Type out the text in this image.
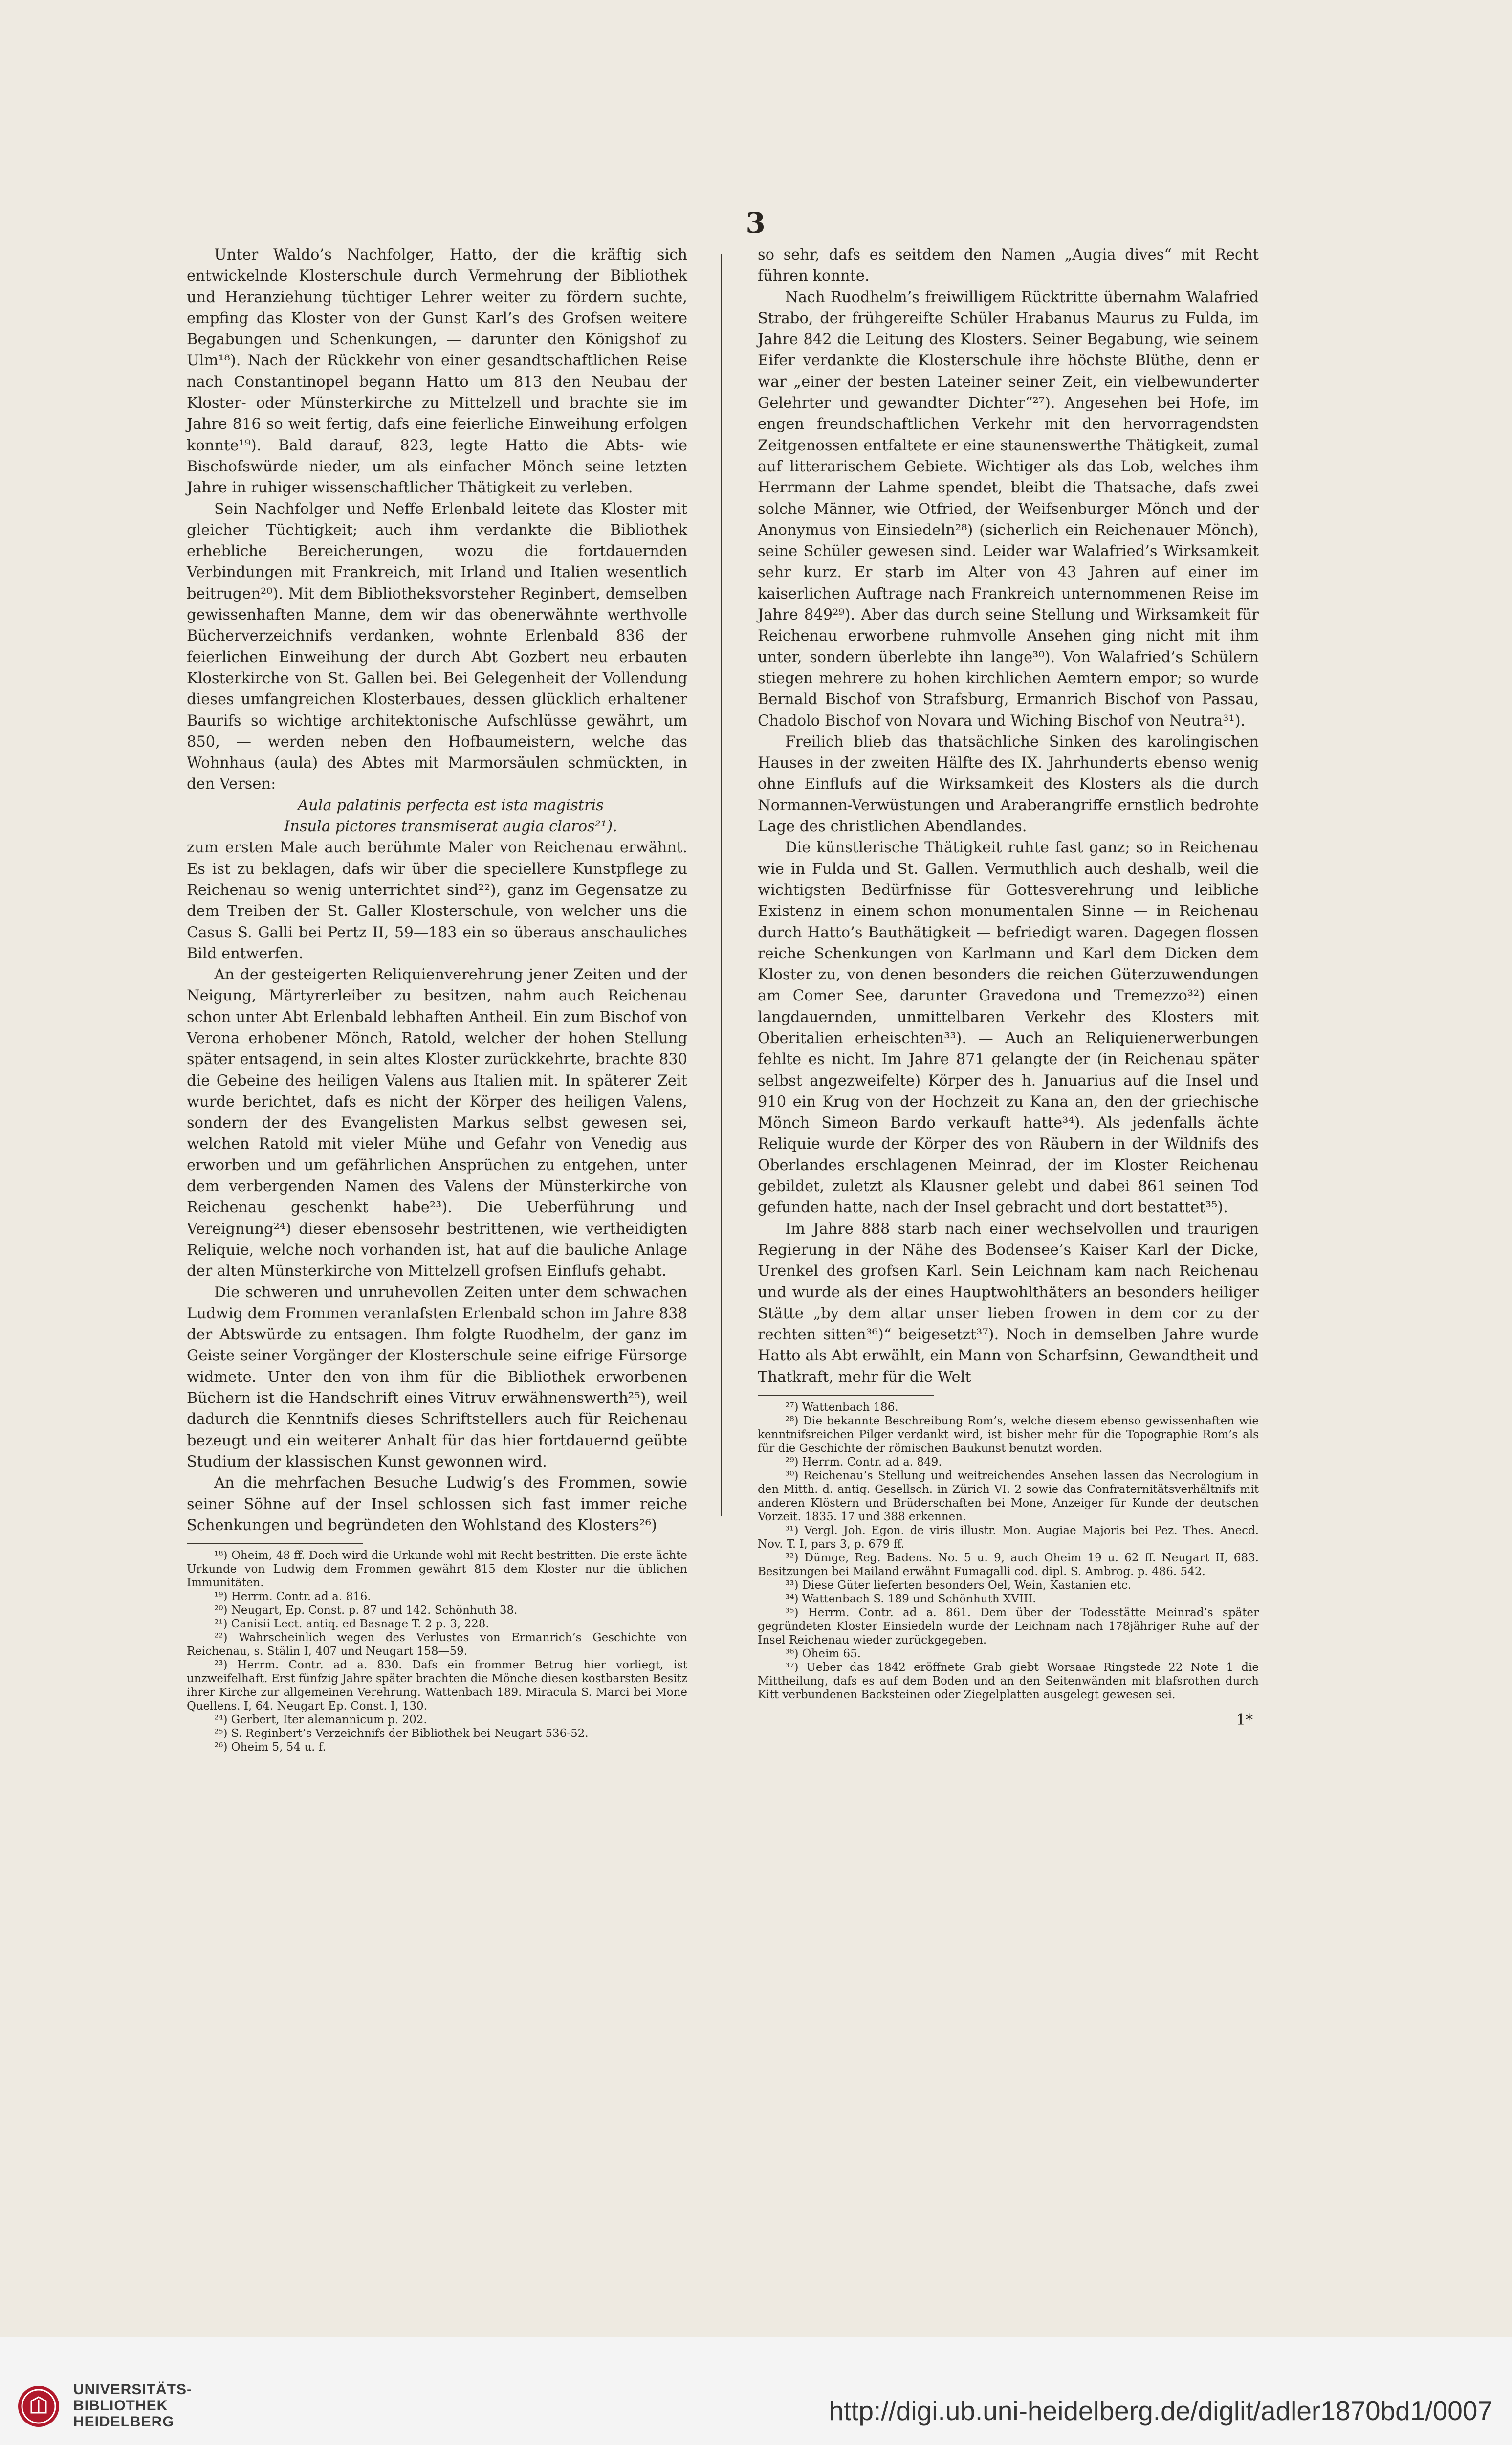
3

Unter Waldo’s Nachfolger, Hatto, der die kräftig sich entwickelnde Klosterschule durch Vermehrung der Bibliothek und Heranziehung tüchtiger Lehrer weiter zu fördern suchte, empfing das Kloster von der Gunst Karl’s des Grofsen weitere Begabungen und Schenkungen, — darunter den Königshof zu Ulm¹⁸). Nach der Rückkehr von einer gesandtschaftlichen Reise nach Constantinopel begann Hatto um 813 den Neubau der Kloster- oder Münsterkirche zu Mittelzell und brachte sie im Jahre 816 so weit fertig, dafs eine feierliche Einweihung erfolgen konnte¹⁹). Bald darauf, 823, legte Hatto die Abts- wie Bischofswürde nieder, um als einfacher Mönch seine letzten Jahre in ruhiger wissenschaftlicher Thätigkeit zu verleben.

Sein Nachfolger und Neffe Erlenbald leitete das Kloster mit gleicher Tüchtigkeit; auch ihm verdankte die Bibliothek erhebliche Bereicherungen, wozu die fortdauernden Verbindungen mit Frankreich, mit Irland und Italien wesentlich beitrugen²⁰). Mit dem Bibliotheksvorsteher Reginbert, demselben gewissenhaften Manne, dem wir das obenerwähnte werthvolle Bücherverzeichnifs verdanken, wohnte Erlenbald 836 der feierlichen Einweihung der durch Abt Gozbert neu erbauten Klosterkirche von St. Gallen bei. Bei Gelegenheit der Vollendung dieses umfangreichen Klosterbaues, dessen glücklich erhaltener Baurifs so wichtige architektonische Aufschlüsse gewährt, um 850, — werden neben den Hofbaumeistern, welche das Wohnhaus (aula) des Abtes mit Marmorsäulen schmückten, in den Versen:

Aula palatinis perfecta est ista magistris

Insula pictores transmiserat augia claros²¹).

zum ersten Male auch berühmte Maler von Reichenau erwähnt. Es ist zu beklagen, dafs wir über die speciellere Kunstpflege zu Reichenau so wenig unterrichtet sind²²), ganz im Gegensatze zu dem Treiben der St. Galler Klosterschule, von welcher uns die Casus S. Galli bei Pertz II, 59—183 ein so überaus anschauliches Bild entwerfen.

An der gesteigerten Reliquienverehrung jener Zeiten und der Neigung, Märtyrerleiber zu besitzen, nahm auch Reichenau schon unter Abt Erlenbald lebhaften Antheil. Ein zum Bischof von Verona erhobener Mönch, Ratold, welcher der hohen Stellung später entsagend, in sein altes Kloster zurückkehrte, brachte 830 die Gebeine des heiligen Valens aus Italien mit. In späterer Zeit wurde berichtet, dafs es nicht der Körper des heiligen Valens, sondern der des Evangelisten Markus selbst gewesen sei, welchen Ratold mit vieler Mühe und Gefahr von Venedig aus erworben und um gefährlichen Ansprüchen zu entgehen, unter dem verbergenden Namen des Valens der Münsterkirche von Reichenau geschenkt habe²³). Die Ueberführung und Vereignung²⁴) dieser ebensosehr bestrittenen, wie vertheidigten Reliquie, welche noch vorhanden ist, hat auf die bauliche Anlage der alten Münsterkirche von Mittelzell grofsen Einflufs gehabt.

Die schweren und unruhevollen Zeiten unter dem schwachen Ludwig dem Frommen veranlafsten Erlenbald schon im Jahre 838 der Abtswürde zu entsagen. Ihm folgte Ruodhelm, der ganz im Geiste seiner Vorgänger der Klosterschule seine eifrige Fürsorge widmete. Unter den von ihm für die Bibliothek erworbenen Büchern ist die Handschrift eines Vitruv erwähnenswerth²⁵), weil dadurch die Kenntnifs dieses Schriftstellers auch für Reichenau bezeugt und ein weiterer Anhalt für das hier fortdauernd geübte Studium der klassischen Kunst gewonnen wird.

An die mehrfachen Besuche Ludwig’s des Frommen, sowie seiner Söhne auf der Insel schlossen sich fast immer reiche Schenkungen und begründeten den Wohlstand des Klosters²⁶)

¹⁸) Oheim, 48 ff. Doch wird die Urkunde wohl mit Recht bestritten. Die erste ächte Urkunde von Ludwig dem Frommen gewährt 815 dem Kloster nur die üblichen Immunitäten.

¹⁹) Herrm. Contr. ad a. 816.

²⁰) Neugart, Ep. Const. p. 87 und 142. Schönhuth 38.

²¹) Canisii Lect. antiq. ed Basnage T. 2 p. 3, 228.

²²) Wahrscheinlich wegen des Verlustes von Ermanrich’s Geschichte von Reichenau, s. Stälin I, 407 und Neugart 158—59.

²³) Herrm. Contr. ad a. 830. Dafs ein frommer Betrug hier vorliegt, ist unzweifelhaft. Erst fünfzig Jahre später brachten die Mönche diesen kostbarsten Besitz ihrer Kirche zur allgemeinen Verehrung. Wattenbach 189. Miracula S. Marci bei Mone Quellens. I, 64. Neugart Ep. Const. I, 130.

²⁴) Gerbert, Iter alemannicum p. 202.

²⁵) S. Reginbert’s Verzeichnifs der Bibliothek bei Neugart 536-52.

²⁶) Oheim 5, 54 u. f.

so sehr, dafs es seitdem den Namen „Augia dives“ mit Recht führen konnte.

Nach Ruodhelm’s freiwilligem Rücktritte übernahm Walafried Strabo, der frühgereifte Schüler Hrabanus Maurus zu Fulda, im Jahre 842 die Leitung des Klosters. Seiner Begabung, wie seinem Eifer verdankte die Klosterschule ihre höchste Blüthe, denn er war „einer der besten Lateiner seiner Zeit, ein vielbewunderter Gelehrter und gewandter Dichter“²⁷). Angesehen bei Hofe, im engen freundschaftlichen Verkehr mit den hervorragendsten Zeitgenossen entfaltete er eine staunenswerthe Thätigkeit, zumal auf litterarischem Gebiete. Wichtiger als das Lob, welches ihm Herrmann der Lahme spendet, bleibt die Thatsache, dafs zwei solche Männer, wie Otfried, der Weifsenburger Mönch und der Anonymus von Einsiedeln²⁸) (sicherlich ein Reichenauer Mönch), seine Schüler gewesen sind. Leider war Walafried’s Wirksamkeit sehr kurz. Er starb im Alter von 43 Jahren auf einer im kaiserlichen Auftrage nach Frankreich unternommenen Reise im Jahre 849²⁹). Aber das durch seine Stellung und Wirksamkeit für Reichenau erworbene ruhmvolle Ansehen ging nicht mit ihm unter, sondern überlebte ihn lange³⁰). Von Walafried’s Schülern stiegen mehrere zu hohen kirchlichen Aemtern empor; so wurde Bernald Bischof von Strafsburg, Ermanrich Bischof von Passau, Chadolo Bischof von Novara und Wiching Bischof von Neutra³¹).

Freilich blieb das thatsächliche Sinken des karolingischen Hauses in der zweiten Hälfte des IX. Jahrhunderts ebenso wenig ohne Einflufs auf die Wirksamkeit des Klosters als die durch Normannen-Verwüstungen und Araberangriffe ernstlich bedrohte Lage des christlichen Abendlandes.

Die künstlerische Thätigkeit ruhte fast ganz; so in Reichenau wie in Fulda und St. Gallen. Vermuthlich auch deshalb, weil die wichtigsten Bedürfnisse für Gottesverehrung und leibliche Existenz in einem schon monumentalen Sinne — in Reichenau durch Hatto’s Bauthätigkeit — befriedigt waren. Dagegen flossen reiche Schenkungen von Karlmann und Karl dem Dicken dem Kloster zu, von denen besonders die reichen Güterzuwendungen am Comer See, darunter Gravedona und Tremezzo³²) einen langdauernden, unmittelbaren Verkehr des Klosters mit Oberitalien erheischten³³). — Auch an Reliquienerwerbungen fehlte es nicht. Im Jahre 871 gelangte der (in Reichenau später selbst angezweifelte) Körper des h. Januarius auf die Insel und 910 ein Krug von der Hochzeit zu Kana an, den der griechische Mönch Simeon Bardo verkauft hatte³⁴). Als jedenfalls ächte Reliquie wurde der Körper des von Räubern in der Wildnifs des Oberlandes erschlagenen Meinrad, der im Kloster Reichenau gebildet, zuletzt als Klausner gelebt und dabei 861 seinen Tod gefunden hatte, nach der Insel gebracht und dort bestattet³⁵).

Im Jahre 888 starb nach einer wechselvollen und traurigen Regierung in der Nähe des Bodensee’s Kaiser Karl der Dicke, Urenkel des grofsen Karl. Sein Leichnam kam nach Reichenau und wurde als der eines Hauptwohlthäters an besonders heiliger Stätte „by dem altar unser lieben frowen in dem cor zu der rechten sitten³⁶)“ beigesetzt³⁷). Noch in demselben Jahre wurde Hatto als Abt erwählt, ein Mann von Scharfsinn, Gewandtheit und Thatkraft, mehr für die Welt

²⁷) Wattenbach 186.

²⁸) Die bekannte Beschreibung Rom’s, welche diesem ebenso gewissenhaften wie kenntnifsreichen Pilger verdankt wird, ist bisher mehr für die Topographie Rom’s als für die Geschichte der römischen Baukunst benutzt worden.

²⁹) Herrm. Contr. ad a. 849.

³⁰) Reichenau’s Stellung und weitreichendes Ansehen lassen das Necrologium in den Mitth. d. antiq. Gesellsch. in Zürich VI. 2 sowie das Confraternitätsverhältnifs mit anderen Klöstern und Brüderschaften bei Mone, Anzeiger für Kunde der deutschen Vorzeit. 1835. 17 und 388 erkennen.

³¹) Vergl. Joh. Egon. de viris illustr. Mon. Augiae Majoris bei Pez. Thes. Anecd. Nov. T. I, pars 3, p. 679 ff.

³²) Dümge, Reg. Badens. No. 5 u. 9, auch Oheim 19 u. 62 ff. Neugart II, 683. Besitzungen bei Mailand erwähnt Fumagalli cod. dipl. S. Ambrog. p. 486. 542.

³³) Diese Güter lieferten besonders Oel, Wein, Kastanien etc.

³⁴) Wattenbach S. 189 und Schönhuth XVIII.

³⁵) Herrm. Contr. ad a. 861. Dem über der Todesstätte Meinrad’s später gegründeten Kloster Einsiedeln wurde der Leichnam nach 178jähriger Ruhe auf der Insel Reichenau wieder zurückgegeben.

³⁶) Oheim 65.

³⁷) Ueber das 1842 eröffnete Grab giebt Worsaae Ringstede 22 Note 1 die Mittheilung, dafs es auf dem Boden und an den Seitenwänden mit blafsrothen durch Kitt verbundenen Backsteinen oder Ziegelplatten ausgelegt gewesen sei.

1*
UNIVERSITÄTS-
BIBLIOTHEK
HEIDELBERG	http://digi.ub.uni-heidelberg.de/diglit/adler1870bd1/0007
